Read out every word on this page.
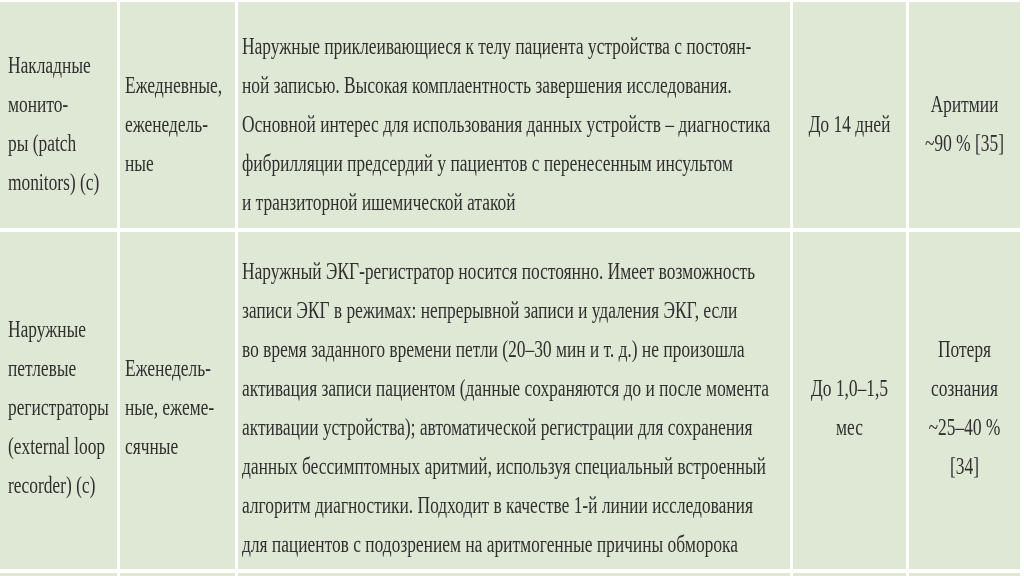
Накладные
монито-
ры (patch
monitors) (c)
Ежедневные,
еженедель-
ные
Наружные приклеивающиеся к телу пациента устройства с постоян-
ной записью. Высокая комплаентность завершения исследования.
Основной интерес для использования данных устройств – диагностика
фибрилляции предсердий у пациентов с перенесенным инсультом
и транзиторной ишемической атакой
До 14 дней
Аритмии
~90 % [35]
Наружные
петлевые
регистраторы
(external loop
recorder) (c)
Еженедель-
ные, ежеме-
сячные
Наружный ЭКГ-регистратор носится постоянно. Имеет возможность
записи ЭКГ в режимах: непрерывной записи и удаления ЭКГ, если
во время заданного времени петли (20–30 мин и т. д.) не произошла
активация записи пациентом (данные сохраняются до и после момента
активации устройства); автоматической регистрации для сохранения
данных бессимптомных аритмий, используя специальный встроенный
алгоритм диагностики. Подходит в качестве 1-й линии исследования
для пациентов с подозрением на аритмогенные причины обморока
До 1,0–1,5
мес
Потеря
сознания
~25–40 %
[34]
